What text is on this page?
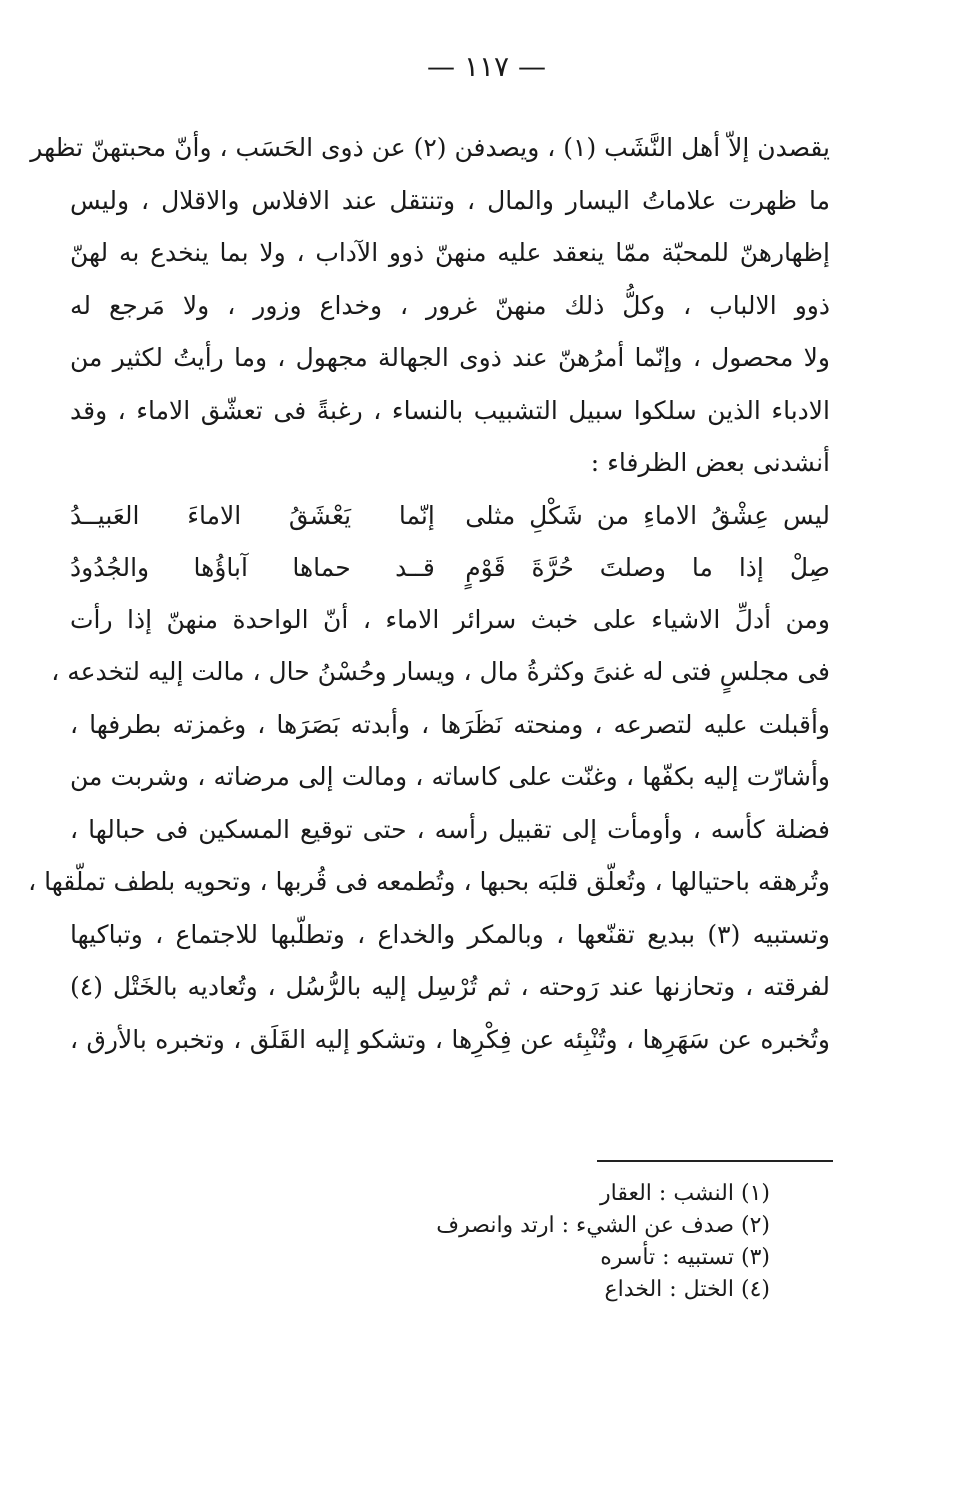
— ١١٧ —
يقصدن إلاّ أهل النَّشَب (١) ، ويصدفن (٢) عن ذوى الحَسَب ، وأنّ محبتهنّ تظهر
ما ظهرت علاماتُ اليسار والمال ، وتنتقل عند الافلاس والاقلال ، وليس
إظهارهنّ للمحبّة ممّا ينعقد عليه منهنّ ذوو الآداب ، ولا بما ينخدع به لهنّ
ذوو الالباب ، وكلُّ ذلك منهنّ غرور ، وخداع وزور ، ولا مَرجع له
ولا محصول ، وإنّما أمرُهنّ عند ذوى الجهالة مجهول ، وما رأيتُ لكثير من
الادباء الذين سلكوا سبيل التشبيب بالنساء ، رغبةً فى تعشّق الاماء ، وقد
أنشدنى بعض الظرفاء :
ليس عِشْقُ الاماءِ من شَكْلِ مثلى
إنّما يَعْشَقُ الاماءَ العَبيــدُ
صِلْ إذا ما وصلتَ حُرَّةَ قَوْمٍ
قــد حماها آباؤُها والجُدُودُ
ومن أدلِّ الاشياء على خبث سرائر الاماء ، أنّ الواحدة منهنّ إذا رأت
فى مجلسٍ فتى له غنىً وكثرةُ مال ، ويسار وحُسْنُ حال ، مالت إليه لتخدعه ،
وأقبلت عليه لتصرعه ، ومنحته نَظَرَها ، وأبدته بَصَرَها ، وغمزته بطرفها ،
وأشارّت إليه بكفّها ، وغنّت على كاساته ، ومالت إلى مرضاته ، وشربت من
فضلة كأسه ، وأومأت إلى تقبيل رأسه ، حتى توقيع المسكين فى حبالها ،
وتُرهقه باحتيالها ، وتُعلّق قلبَه بحبها ، وتُطمعه فى قُربها ، وتحويه بلطف تملّقها ،
وتستبيه (٣) ببديع تقنّعها ، وبالمكر والخداع ، وتطلّبها للاجتماع ، وتباكيها
لفرقته ، وتحازنها عند رَوحته ، ثم تُرْسِل إليه بالرُّسُل ، وتُعاديه بالخَتْل (٤)
وتُخبره عن سَهَرِها ، وتُنْبِئه عن فِكْرِها ، وتشكو إليه القَلَق ، وتخبره بالأرق ،
(١) النشب : العقار
(٢) صدف عن الشيء : ارتد وانصرف
(٣) تستبيه : تأسره
(٤) الختل : الخداع
